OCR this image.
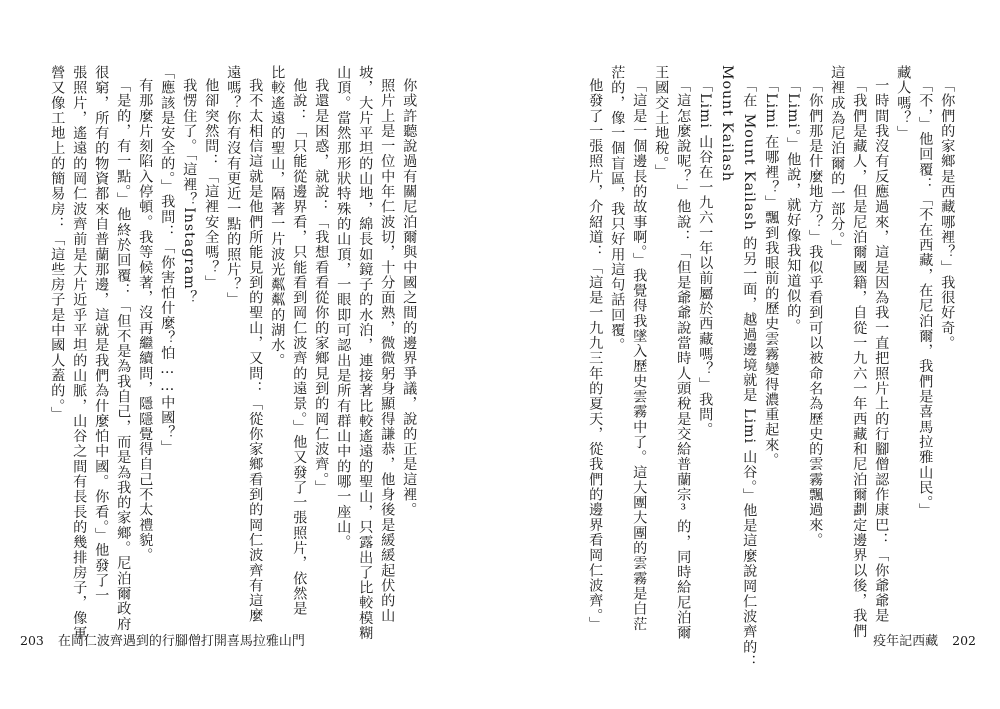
營又像工地上的簡易房：「這些房子是中國人蓋的。」 張照片，遙遠的岡仁波齊前是大片近乎平坦的山脈，山谷之間有長長的幾排房子，像軍 很窮，所有的物資都來自普蘭那邊，這就是我們為什麼怕中國。你看。」他發了一 「是的，有一點。」他終於回覆：「但不是為我自己，而是為我的家鄉。尼泊爾政府 有那麼片刻陷入停頓。我等候著，沒再繼續問，隱隱覺得自己不太禮貌。 「應該是安全的。」我問：「你害怕什麼？怕……中國？」 我愣住了。「這裡？Instagram？ 他卻突然問：「這裡安全嗎？」 遠嗎？你有沒有更近一點的照片？」 我不太相信這就是他們所能見到的聖山，又問：「從你家鄉看到的岡仁波齊有這麼 比較遙遠的聖山，隔著一片波光粼粼的湖水。 他說：「只能從邊界看，只能看到岡仁波齊的遠景。」他又發了一張照片，依然是 我還是困惑，就說：「我想看看從你的家鄉見到的岡仁波齊。」 山頂。當然那形狀特殊的山頂，一眼即可認出是所有群山中的哪一座山。 坡，大片平坦的山地，綿長如鏡子的水泊，連接著比較遙遠的聖山，只露出了比較模糊 照片上是一位中年仁波切，十分面熟，微微躬身顯得謙恭，他身後是緩緩起伏的山 你或許聽說過有關尼泊爾與中國之間的邊界爭議，說的正是這裡。
203 在岡仁波齊遇到的行腳僧打開喜馬拉雅山門
他發了一張照片，介紹道：「這是一九九三年的夏天，從我們的邊界看岡仁波齊。」 茫的，像一個盲區，我只好用這句話回覆。 「這是一個邊長的故事啊。」我覺得我墜入歷史雲霧中了。這大團大團的雲霧是白茫 王國交土地稅。」 「這怎麼說呢？」他說：「但是爺爺說當時人頭稅是交給普蘭宗³的，同時給尼泊爾 「Limi 山谷在一九六一年以前屬於西藏嗎？」我問。 Mount Kailash 「在 Mount Kailash 的另一面，越過邊境就是 Limi 山谷。」他是這麼說岡仁波齊的： 「Limi 在哪裡？」飄到我眼前的歷史雲霧變得濃重起來。 「Limi。」他說，就好像我知道似的。 「你們那是什麼地方？」我似乎看到可以被命名為歷史的雲霧飄過來。 這裡成為尼泊爾的一部分。」 「我們是藏人，但是尼泊爾國籍，自從一九六一年西藏和尼泊爾劃定邊界以後，我們 一時間我沒有反應過來，這是因為我一直把照片上的行腳僧認作康巴：「你爺爺是 藏人嗎？」 「不，」他回覆：「不在西藏，在尼泊爾，我們是喜馬拉雅山民。」 「你們的家鄉是西藏哪裡？」我很好奇。
疫年記西藏 202
